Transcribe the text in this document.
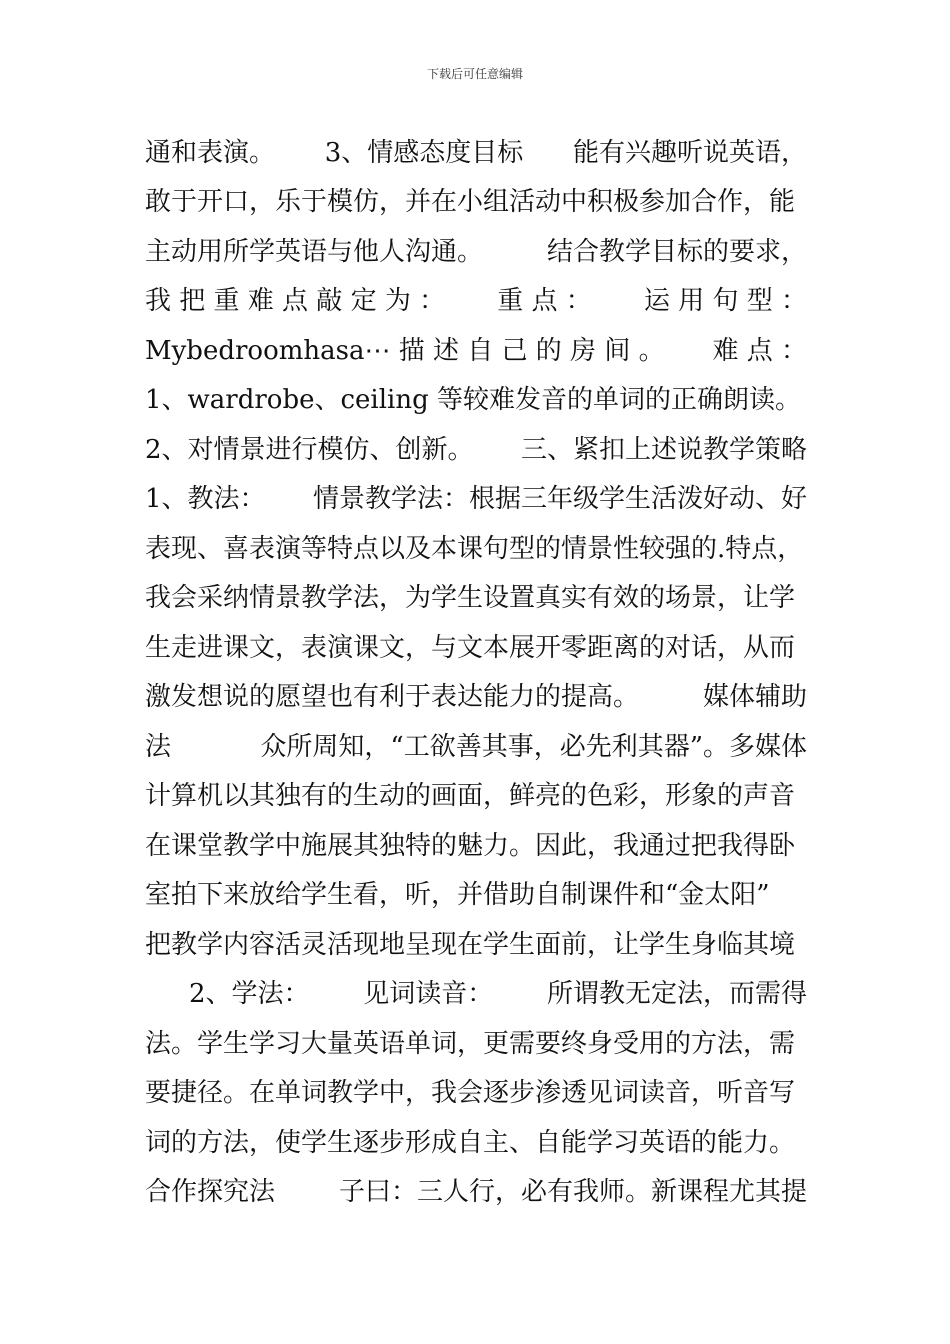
下载后可任意编辑
通和表演。 3、情感态度目标 能有兴趣听说英语，
敢于开口，乐于模仿，并在小组活动中积极参加合作，能
主动用所学英语与他人沟通。 结合教学目标的要求，
我 把 重 难 点 敲 定 为 ： 重 点 ： 运 用 句 型 ：
Mybedroomhasa⋯ 描 述 自 己 的 房 间 。 难 点 ：
1、wardrobe、ceiling 等较难发音的单词的正确朗读。
2、对情景进行模仿、创新。 三、紧扣上述说教学策略
1、教法： 情景教学法：根据三年级学生活泼好动、好
表现、喜表演等特点以及本课句型的情景性较强的.特点，
我会采纳情景教学法，为学生设置真实有效的场景，让学
生走进课文，表演课文，与文本展开零距离的对话，从而
激发想说的愿望也有利于表达能力的提高。 媒体辅助
法	众所周知，“工欲善其事，必先利其器”。多媒体
计算机以其独有的生动的画面，鲜亮的色彩，形象的声音
在课堂教学中施展其独特的魅力。因此，我通过把我得卧
室拍下来放给学生看，听，并借助自制课件和“金太阳”
把教学内容活灵活现地呈现在学生面前，让学生身临其境
2、学法： 见词读音： 所谓教无定法，而需得
法。学生学习大量英语单词，更需要终身受用的方法，需
要捷径。在单词教学中，我会逐步渗透见词读音，听音写
词的方法，使学生逐步形成自主、自能学习英语的能力。
合作探究法 子曰：三人行，必有我师。新课程尤其提
